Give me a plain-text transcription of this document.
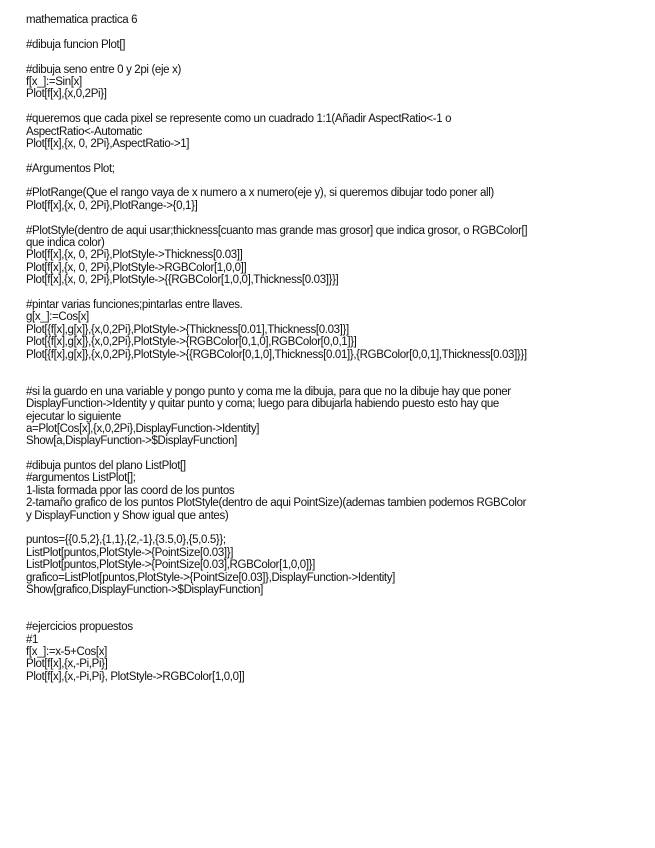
mathematica practica 6
#dibuja funcion Plot[]
#dibuja seno entre 0 y 2pi (eje x)
f[x_]:=Sin[x]
Plot[f[x],{x,0,2Pi}]
#queremos que cada pixel se represente como un cuadrado 1:1(Añadir AspectRatio<-1 o
AspectRatio<-Automatic
Plot[f[x],{x, 0, 2Pi},AspectRatio->1]
#Argumentos Plot;
#PlotRange(Que el rango vaya de x numero a x numero(eje y), si queremos dibujar todo poner all)
Plot[f[x],{x, 0, 2Pi},PlotRange->{0,1}]
#PlotStyle(dentro de aqui usar;thickness[cuanto mas grande mas grosor] que indica grosor, o RGBColor[]
que indica color)
Plot[f[x],{x, 0, 2Pi},PlotStyle->Thickness[0.03]]
Plot[f[x],{x, 0, 2Pi},PlotStyle->RGBColor[1,0,0]]
Plot[f[x],{x, 0, 2Pi},PlotStyle->{{RGBColor[1,0,0],Thickness[0.03]}}]
#pintar varias funciones;pintarlas entre llaves.
g[x_]:=Cos[x]
Plot[{f[x],g[x]},{x,0,2Pi},PlotStyle->{Thickness[0.01],Thickness[0.03]}]
Plot[{f[x],g[x]},{x,0,2Pi},PlotStyle->{RGBColor[0,1,0],RGBColor[0,0,1]}]
Plot[{f[x],g[x]},{x,0,2Pi},PlotStyle->{{RGBColor[0,1,0],Thickness[0.01]},{RGBColor[0,0,1],Thickness[0.03]}}]
#si la guardo en una variable y pongo punto y coma me la dibuja, para que no la dibuje hay que poner
DisplayFunction->Identity y quitar punto y coma; luego para dibujarla habiendo puesto esto hay que
ejecutar lo siguiente
a=Plot[Cos[x],{x,0,2Pi},DisplayFunction->Identity]
Show[a,DisplayFunction->$DisplayFunction]
#dibuja puntos del plano ListPlot[]
#argumentos ListPlot[];
1-lista formada ppor las coord de los puntos
2-tamaño grafico de los puntos PlotStyle(dentro de aqui PointSize)(ademas tambien podemos RGBColor
y DisplayFunction y Show igual que antes)
puntos={{0.5,2},{1,1},{2,-1},{3.5,0},{5,0.5}};
ListPlot[puntos,PlotStyle->{PointSize[0.03]}]
ListPlot[puntos,PlotStyle->{PointSize[0.03],RGBColor[1,0,0]}]
grafico=ListPlot[puntos,PlotStyle->{PointSize[0.03]},DisplayFunction->Identity]
Show[grafico,DisplayFunction->$DisplayFunction]
#ejercicios propuestos
#1
f[x_]:=x-5+Cos[x]
Plot[f[x],{x,-Pi,Pi}]
Plot[f[x],{x,-Pi,Pi}, PlotStyle->RGBColor[1,0,0]]
